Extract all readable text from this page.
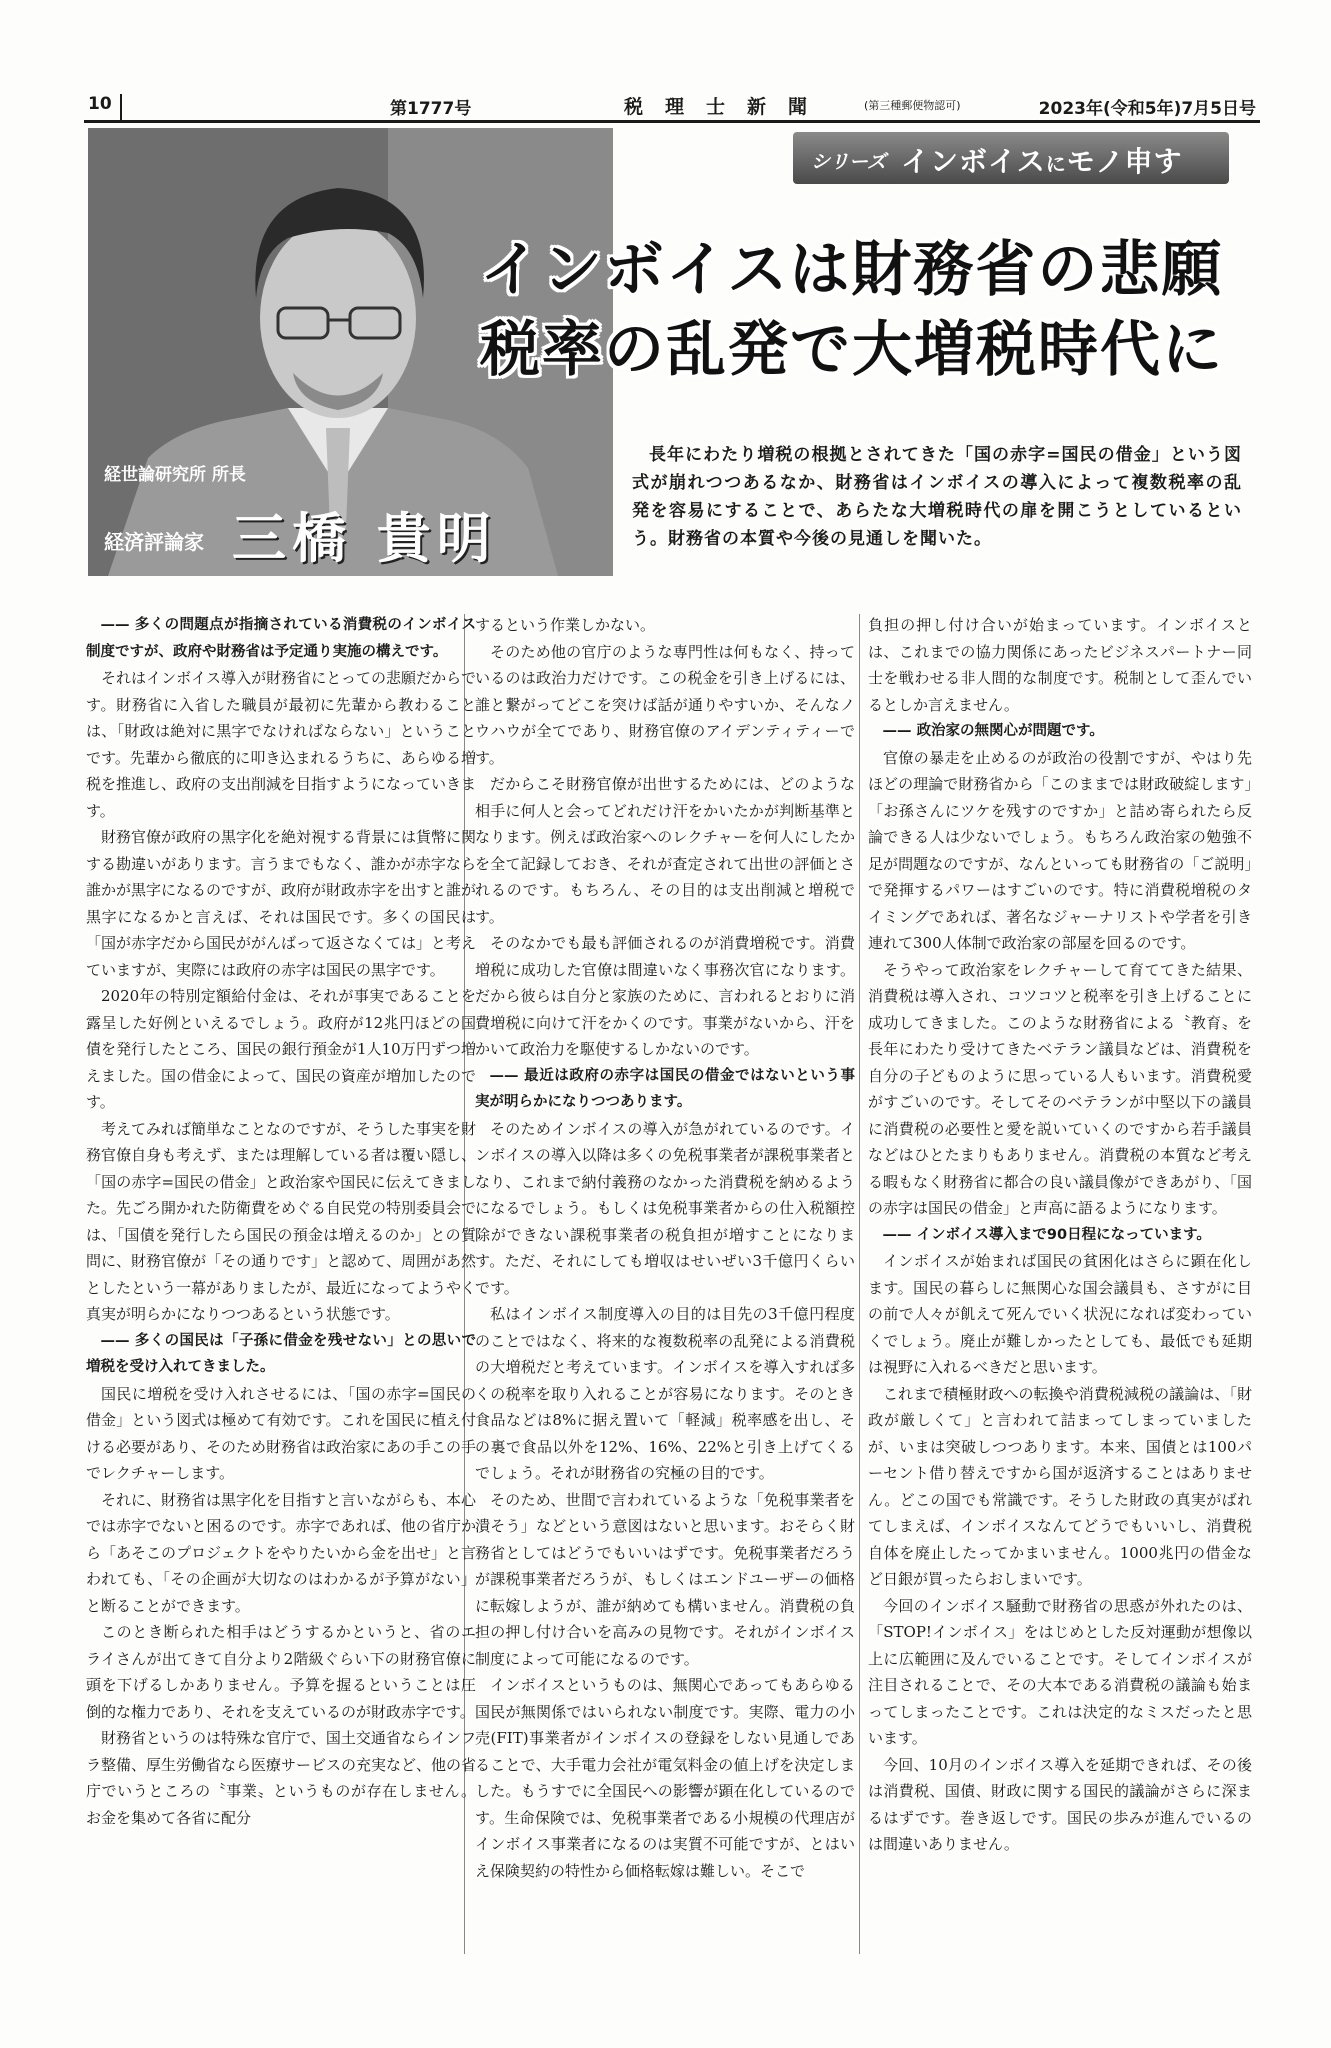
10	第1777号	税理士新聞	(第三種郵便物認可)	2023年(令和5年)7月5日号
シリーズ インボイスにモノ申す
インボイスは財務省の悲願
税率の乱発で大増税時代に
経世論研究所 所長
経済評論家 三橋 貴明

長年にわたり増税の根拠とされてきた「国の赤字=国民の借金」という図式が崩れつつあるなか、財務省はインボイスの導入によって複数税率の乱発を容易にすることで、あらたな大増税時代の扉を開こうとしているという。財務省の本質や今後の見通しを聞いた。

—— 多くの問題点が指摘されている消費税のインボイス制度ですが、政府や財務省は予定通り実施の構えです。

それはインボイス導入が財務省にとっての悲願だからです。財務省に入省した職員が最初に先輩から教わることは、「財政は絶対に黒字でなければならない」ということです。先輩から徹底的に叩き込まれるうちに、あらゆる増税を推進し、政府の支出削減を目指すようになっていきます。

財務官僚が政府の黒字化を絶対視する背景には貨幣に関する勘違いがあります。言うまでもなく、誰かが赤字なら誰かが黒字になるのですが、政府が財政赤字を出すと誰が黒字になるかと言えば、それは国民です。多くの国民は「国が赤字だから国民ががんばって返さなくては」と考えていますが、実際には政府の赤字は国民の黒字です。

2020年の特別定額給付金は、それが事実であることを露呈した好例といえるでしょう。政府が12兆円ほどの国債を発行したところ、国民の銀行預金が1人10万円ずつ増えました。国の借金によって、国民の資産が増加したのです。

考えてみれば簡単なことなのですが、そうした事実を財務官僚自身も考えず、または理解している者は覆い隠し、「国の赤字=国民の借金」と政治家や国民に伝えてきました。先ごろ開かれた防衛費をめぐる自民党の特別委員会では、「国債を発行したら国民の預金は増えるのか」との質問に、財務官僚が「その通りです」と認めて、周囲があ然としたという一幕がありましたが、最近になってようやく真実が明らかになりつつあるという状態です。

—— 多くの国民は「子孫に借金を残せない」との思いで増税を受け入れてきました。

国民に増税を受け入れさせるには、「国の赤字=国民の借金」という図式は極めて有効です。これを国民に植え付ける必要があり、そのため財務省は政治家にあの手この手でレクチャーします。

それに、財務省は黒字化を目指すと言いながらも、本心では赤字でないと困るのです。赤字であれば、他の省庁から「あそこのプロジェクトをやりたいから金を出せ」と言われても、「その企画が大切なのはわかるが予算がない」と断ることができます。

このとき断られた相手はどうするかというと、省のエライさんが出てきて自分より2階級ぐらい下の財務官僚に頭を下げるしかありません。予算を握るということは圧倒的な権力であり、それを支えているのが財政赤字です。

財務省というのは特殊な官庁で、国土交通省ならインフラ整備、厚生労働省なら医療サービスの充実など、他の省庁でいうところの〝事業〟というものが存在しません。お金を集めて各省に配分

するという作業しかない。

そのため他の官庁のような専門性は何もなく、持っているのは政治力だけです。この税金を引き上げるには、誰と繋がってどこを突けば話が通りやすいか、そんなノウハウが全てであり、財務官僚のアイデンティティーです。

だからこそ財務官僚が出世するためには、どのような相手に何人と会ってどれだけ汗をかいたかが判断基準となります。例えば政治家へのレクチャーを何人にしたかを全て記録しておき、それが査定されて出世の評価とされるのです。もちろん、その目的は支出削減と増税です。

そのなかでも最も評価されるのが消費増税です。消費増税に成功した官僚は間違いなく事務次官になります。だから彼らは自分と家族のために、言われるとおりに消費増税に向けて汗をかくのです。事業がないから、汗をかいて政治力を駆使するしかないのです。

—— 最近は政府の赤字は国民の借金ではないという事実が明らかになりつつあります。

そのためインボイスの導入が急がれているのです。インボイスの導入以降は多くの免税事業者が課税事業者となり、これまで納付義務のなかった消費税を納めるようになるでしょう。もしくは免税事業者からの仕入税額控除ができない課税事業者の税負担が増すことになります。ただ、それにしても増収はせいぜい3千億円くらいです。

私はインボイス制度導入の目的は目先の3千億円程度のことではなく、将来的な複数税率の乱発による消費税の大増税だと考えています。インボイスを導入すれば多くの税率を取り入れることが容易になります。そのとき食品などは8%に据え置いて「軽減」税率感を出し、その裏で食品以外を12%、16%、22%と引き上げてくるでしょう。それが財務省の究極の目的です。

そのため、世間で言われているような「免税事業者を潰そう」などという意図はないと思います。おそらく財務省としてはどうでもいいはずです。免税事業者だろうが課税事業者だろうが、もしくはエンドユーザーの価格に転嫁しようが、誰が納めても構いません。消費税の負担の押し付け合いを高みの見物です。それがインボイス制度によって可能になるのです。

インボイスというものは、無関心であってもあらゆる国民が無関係ではいられない制度です。実際、電力の小売(FIT)事業者がインボイスの登録をしない見通しであることで、大手電力会社が電気料金の値上げを決定しました。もうすでに全国民への影響が顕在化しているのです。生命保険では、免税事業者である小規模の代理店がインボイス事業者になるのは実質不可能ですが、とはいえ保険契約の特性から価格転嫁は難しい。そこで

負担の押し付け合いが始まっています。インボイスとは、これまでの協力関係にあったビジネスパートナー同士を戦わせる非人間的な制度です。税制として歪んでいるとしか言えません。

—— 政治家の無関心が問題です。

官僚の暴走を止めるのが政治の役割ですが、やはり先ほどの理論で財務省から「このままでは財政破綻します」「お孫さんにツケを残すのですか」と詰め寄られたら反論できる人は少ないでしょう。もちろん政治家の勉強不足が問題なのですが、なんといっても財務省の「ご説明」で発揮するパワーはすごいのです。特に消費税増税のタイミングであれば、著名なジャーナリストや学者を引き連れて300人体制で政治家の部屋を回るのです。

そうやって政治家をレクチャーして育ててきた結果、消費税は導入され、コツコツと税率を引き上げることに成功してきました。このような財務省による〝教育〟を長年にわたり受けてきたベテラン議員などは、消費税を自分の子どものように思っている人もいます。消費税愛がすごいのです。そしてそのベテランが中堅以下の議員に消費税の必要性と愛を説いていくのですから若手議員などはひとたまりもありません。消費税の本質など考える暇もなく財務省に都合の良い議員像ができあがり、「国の赤字は国民の借金」と声高に語るようになります。

—— インボイス導入まで90日程になっています。

インボイスが始まれば国民の貧困化はさらに顕在化します。国民の暮らしに無関心な国会議員も、さすがに目の前で人々が飢えて死んでいく状況になれば変わっていくでしょう。廃止が難しかったとしても、最低でも延期は視野に入れるべきだと思います。

これまで積極財政への転換や消費税減税の議論は、「財政が厳しくて」と言われて詰まってしまっていましたが、いまは突破しつつあります。本来、国債とは100パーセント借り替えですから国が返済することはありません。どこの国でも常識です。そうした財政の真実がばれてしまえば、インボイスなんてどうでもいいし、消費税自体を廃止したってかまいません。1000兆円の借金など日銀が買ったらおしまいです。

今回のインボイス騒動で財務省の思惑が外れたのは、「STOP!インボイス」をはじめとした反対運動が想像以上に広範囲に及んでいることです。そしてインボイスが注目されることで、その大本である消費税の議論も始まってしまったことです。これは決定的なミスだったと思います。

今回、10月のインボイス導入を延期できれば、その後は消費税、国債、財政に関する国民的議論がさらに深まるはずです。巻き返しです。国民の歩みが進んでいるのは間違いありません。
